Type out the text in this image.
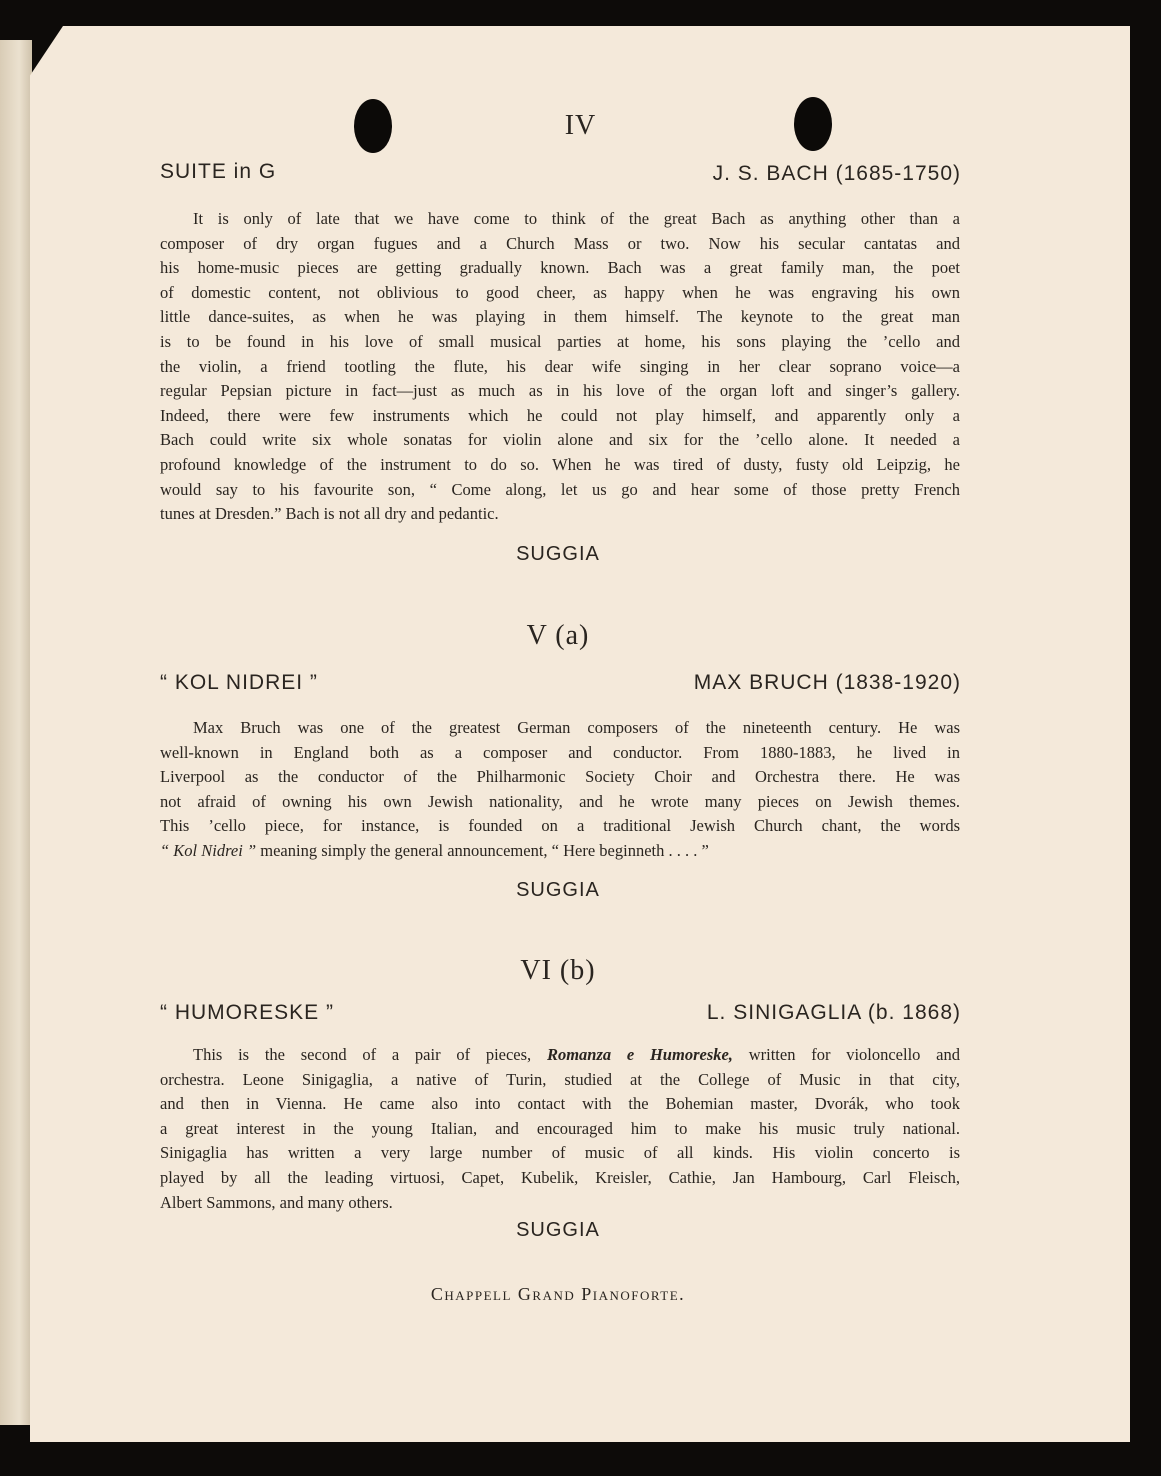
IV
SUITE in G	J. S. BACH (1685-1750)
It is only of late that we have come to think of the great Bach as anything other than a
composer of dry organ fugues and a Church Mass or two. Now his secular cantatas and
his home-music pieces are getting gradually known. Bach was a great family man, the poet
of domestic content, not oblivious to good cheer, as happy when he was engraving his own
little dance-suites, as when he was playing in them himself. The keynote to the great man
is to be found in his love of small musical parties at home, his sons playing the ’cello and
the violin, a friend tootling the flute, his dear wife singing in her clear soprano voice—a
regular Pepsian picture in fact—just as much as in his love of the organ loft and singer’s gallery.
Indeed, there were few instruments which he could not play himself, and apparently only a
Bach could write six whole sonatas for violin alone and six for the ’cello alone. It needed a
profound knowledge of the instrument to do so. When he was tired of dusty, fusty old Leipzig, he
would say to his favourite son, “ Come along, let us go and hear some of those pretty French
tunes at Dresden.” Bach is not all dry and pedantic.
SUGGIA
V (a)
“ KOL NIDREI ”	MAX BRUCH (1838-1920)
Max Bruch was one of the greatest German composers of the nineteenth century. He was
well-known in England both as a composer and conductor. From 1880-1883, he lived in
Liverpool as the conductor of the Philharmonic Society Choir and Orchestra there. He was
not afraid of owning his own Jewish nationality, and he wrote many pieces on Jewish themes.
This ’cello piece, for instance, is founded on a traditional Jewish Church chant, the words
“ Kol Nidrei ” meaning simply the general announcement, “ Here beginneth . . . . ”
SUGGIA
VI (b)
“ HUMORESKE ”	L. SINIGAGLIA (b. 1868)
This is the second of a pair of pieces, Romanza e Humoreske, written for violoncello and
orchestra. Leone Sinigaglia, a native of Turin, studied at the College of Music in that city,
and then in Vienna. He came also into contact with the Bohemian master, Dvorák, who took
a great interest in the young Italian, and encouraged him to make his music truly national.
Sinigaglia has written a very large number of music of all kinds. His violin concerto is
played by all the leading virtuosi, Capet, Kubelik, Kreisler, Cathie, Jan Hambourg, Carl Fleisch,
Albert Sammons, and many others.
SUGGIA
Chappell Grand Pianoforte.
